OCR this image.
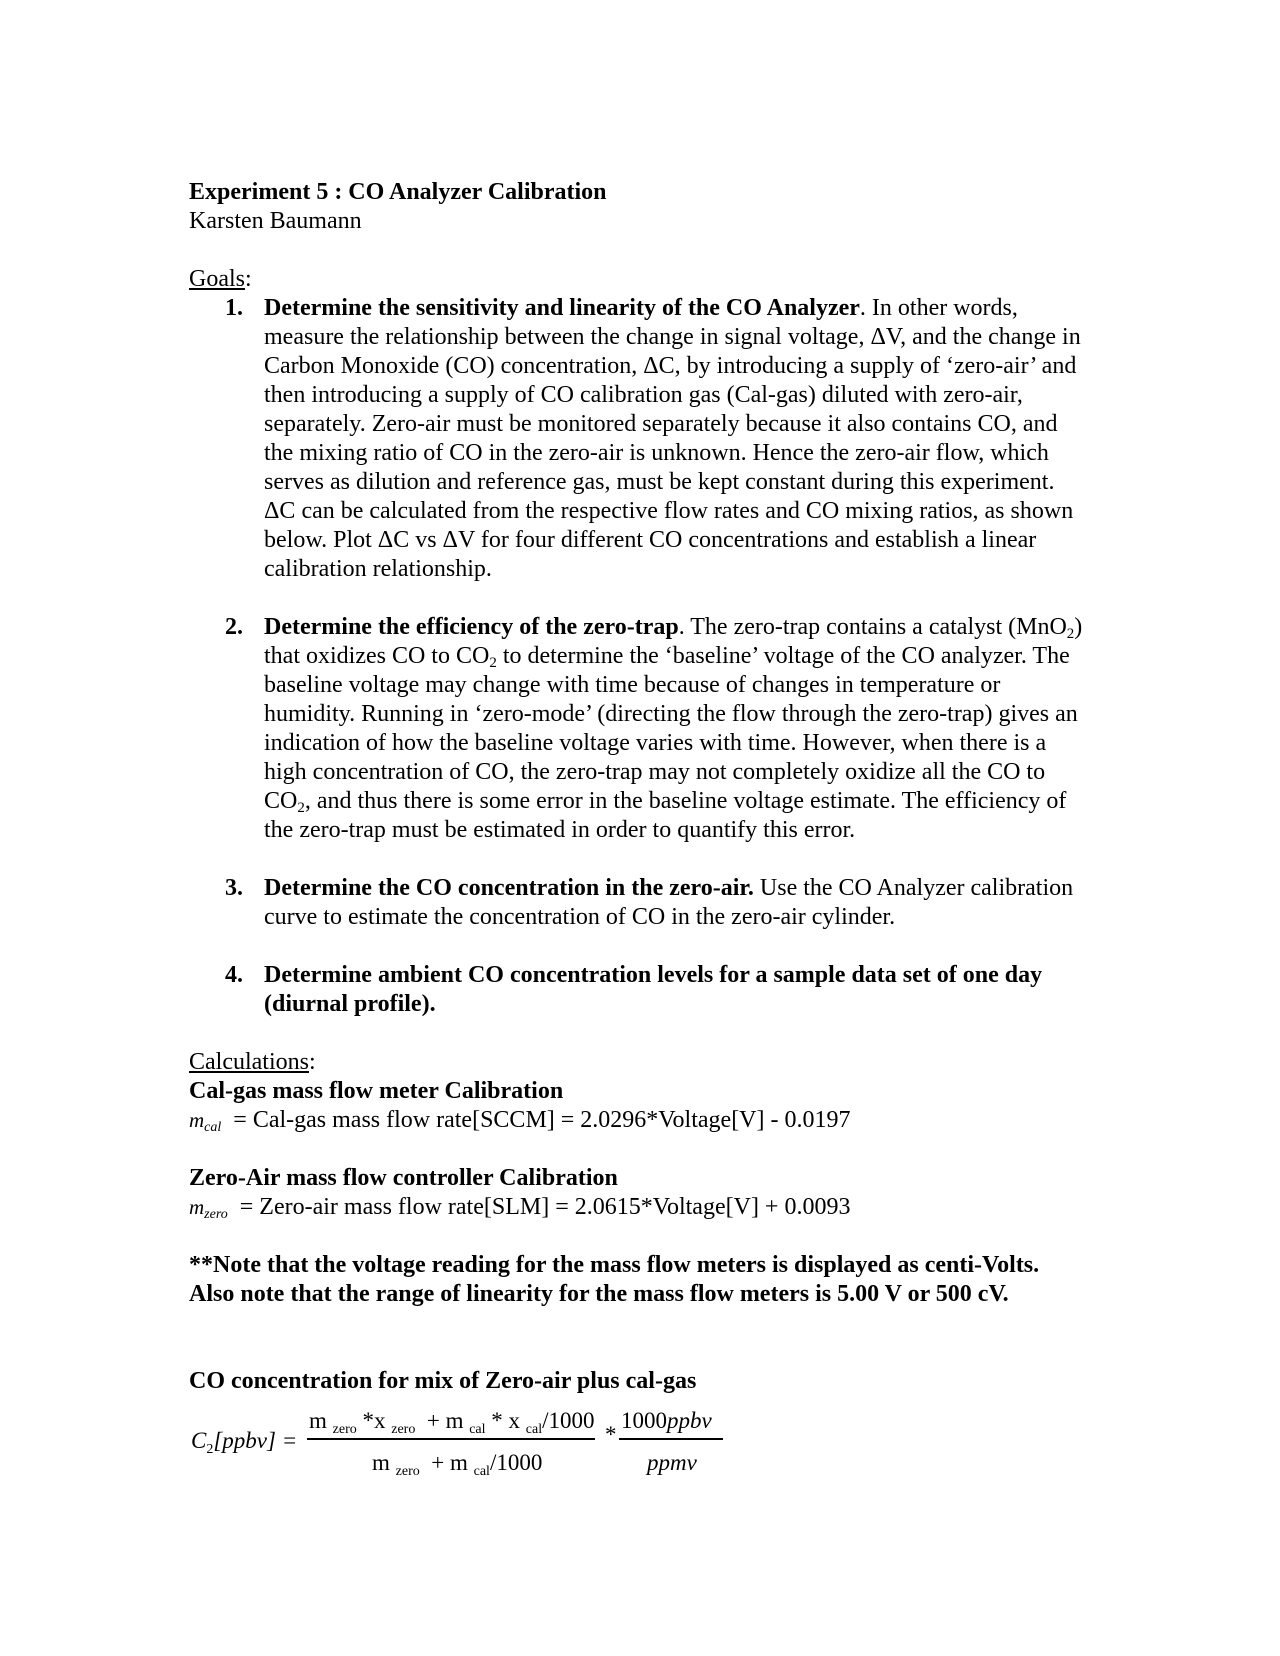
Experiment 5 : CO Analyzer Calibration
Karsten Baumann
Goals:
1. Determine the sensitivity and linearity of the CO Analyzer. In other words, measure the relationship between the change in signal voltage, ΔV, and the change in Carbon Monoxide (CO) concentration, ΔC, by introducing a supply of ‘zero-air’ and then introducing a supply of CO calibration gas (Cal-gas) diluted with zero-air, separately. Zero-air must be monitored separately because it also contains CO, and the mixing ratio of CO in the zero-air is unknown. Hence the zero-air flow, which serves as dilution and reference gas, must be kept constant during this experiment. ΔC can be calculated from the respective flow rates and CO mixing ratios, as shown below. Plot ΔC vs ΔV for four different CO concentrations and establish a linear calibration relationship.
2. Determine the efficiency of the zero-trap. The zero-trap contains a catalyst (MnO$_2$) that oxidizes CO to $CO_2$ to determine the ‘baseline’ voltage of the CO analyzer. The baseline voltage may change with time because of changes in temperature or humidity. Running in ‘zero-mode’ (directing the flow through the zero-trap) gives an indication of how the baseline voltage varies with time. However, when there is a high concentration of CO, the zero-trap may not completely oxidize all the CO to $CO_2$, and thus there is some error in the baseline voltage estimate. The efficiency of the zero-trap must be estimated in order to quantify this error.
3. Determine the CO concentration in the zero-air. Use the CO Analyzer calibration curve to estimate the concentration of CO in the zero-air cylinder.
4. Determine ambient CO concentration levels for a sample data set of one day (diurnal profile).
Calculations:
Cal-gas mass flow meter Calibration
mcal  = Cal-gas mass flow rate[SCCM] = 2.0296*Voltage[V] - 0.0197
Zero-Air mass flow controller Calibration
mzero  = Zero-air mass flow rate[SLM] = 2.0615*Voltage[V] + 0.0093
**Note that the voltage reading for the mass flow meters is displayed as centi-Volts.
Also note that the range of linearity for the mass flow meters is 5.00 V or 500 cV.
CO concentration for mix of Zero-air plus cal-gas
$C_2[ppbv]$ =
m $_{zero}$ *x $_{zero}$ + m $_{cal}$ * x $_{cal}$/1000
m $_{zero}$ + m $_{cal}$/1000
*
1000ppbv
ppmv
